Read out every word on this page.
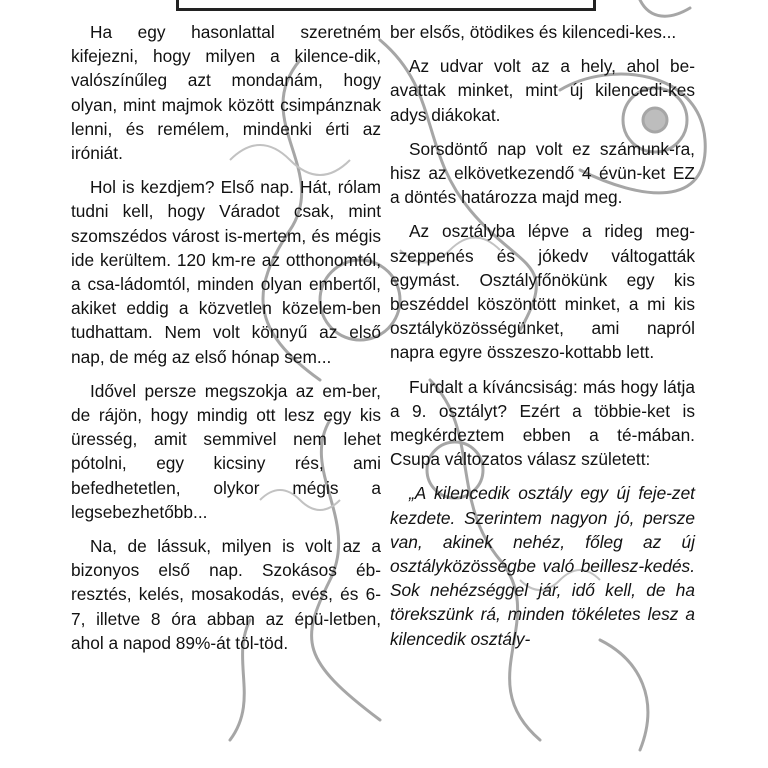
Ha egy hasonlattal szeretném kifejezni, hogy milyen a kilence-dik, valószínűleg azt mondanám, hogy olyan, mint majmok között csimpánznak lenni, és remélem, mindenki érti az iróniát.

Hol is kezdjem? Első nap. Hát, rólam tudni kell, hogy Váradot csak, mint szomszédos várost is-mertem, és mégis ide kerültem. 120 km-re az otthonomtól, a csa-ládomtól, minden olyan embertől, akiket eddig a közvetlen közelem-ben tudhattam. Nem volt könnyű az első nap, de még az első hónap sem...

Idővel persze megszokja az em-ber, de rájön, hogy mindig ott lesz egy kis üresség, amit semmivel nem lehet pótolni, egy kicsiny rés, ami befedhetetlen, olykor mégis a legsebezhetőbb...

Na, de lássuk, milyen is volt az a bizonyos első nap. Szokásos éb-resztés, kelés, mosakodás, evés, és 6-7, illetve 8 óra abban az épü-letben, ahol a napod 89%-át töl-töd.

ber elsős, ötödikes és kilencedi-kes...

Az udvar volt az a hely, ahol be-avattak minket, mint új kilencedi-kes adys diákokat.

Sorsdöntő nap volt ez számunk-ra, hisz az elkövetkezendő 4 évün-ket EZ a döntés határozza majd meg.

Az osztályba lépve a rideg meg-szeppenés és jókedv váltogatták egymást. Osztályfőnökünk egy kis beszéddel köszöntött minket, a mi kis osztályközösségünket, ami napról napra egyre összeszo-kottabb lett.

Furdalt a kíváncsiság: más hogy látja a 9. osztályt? Ezért a többie-ket is megkérdeztem ebben a té-mában. Csupa változatos válasz született:

„A kilencedik osztály egy új feje-zet kezdete. Szerintem nagyon jó, persze van, akinek nehéz, főleg az új osztályközösségbe való beillesz-kedés. Sok nehézséggel jár, idő kell, de ha törekszünk rá, minden tökéletes lesz a kilencedik osztály-
